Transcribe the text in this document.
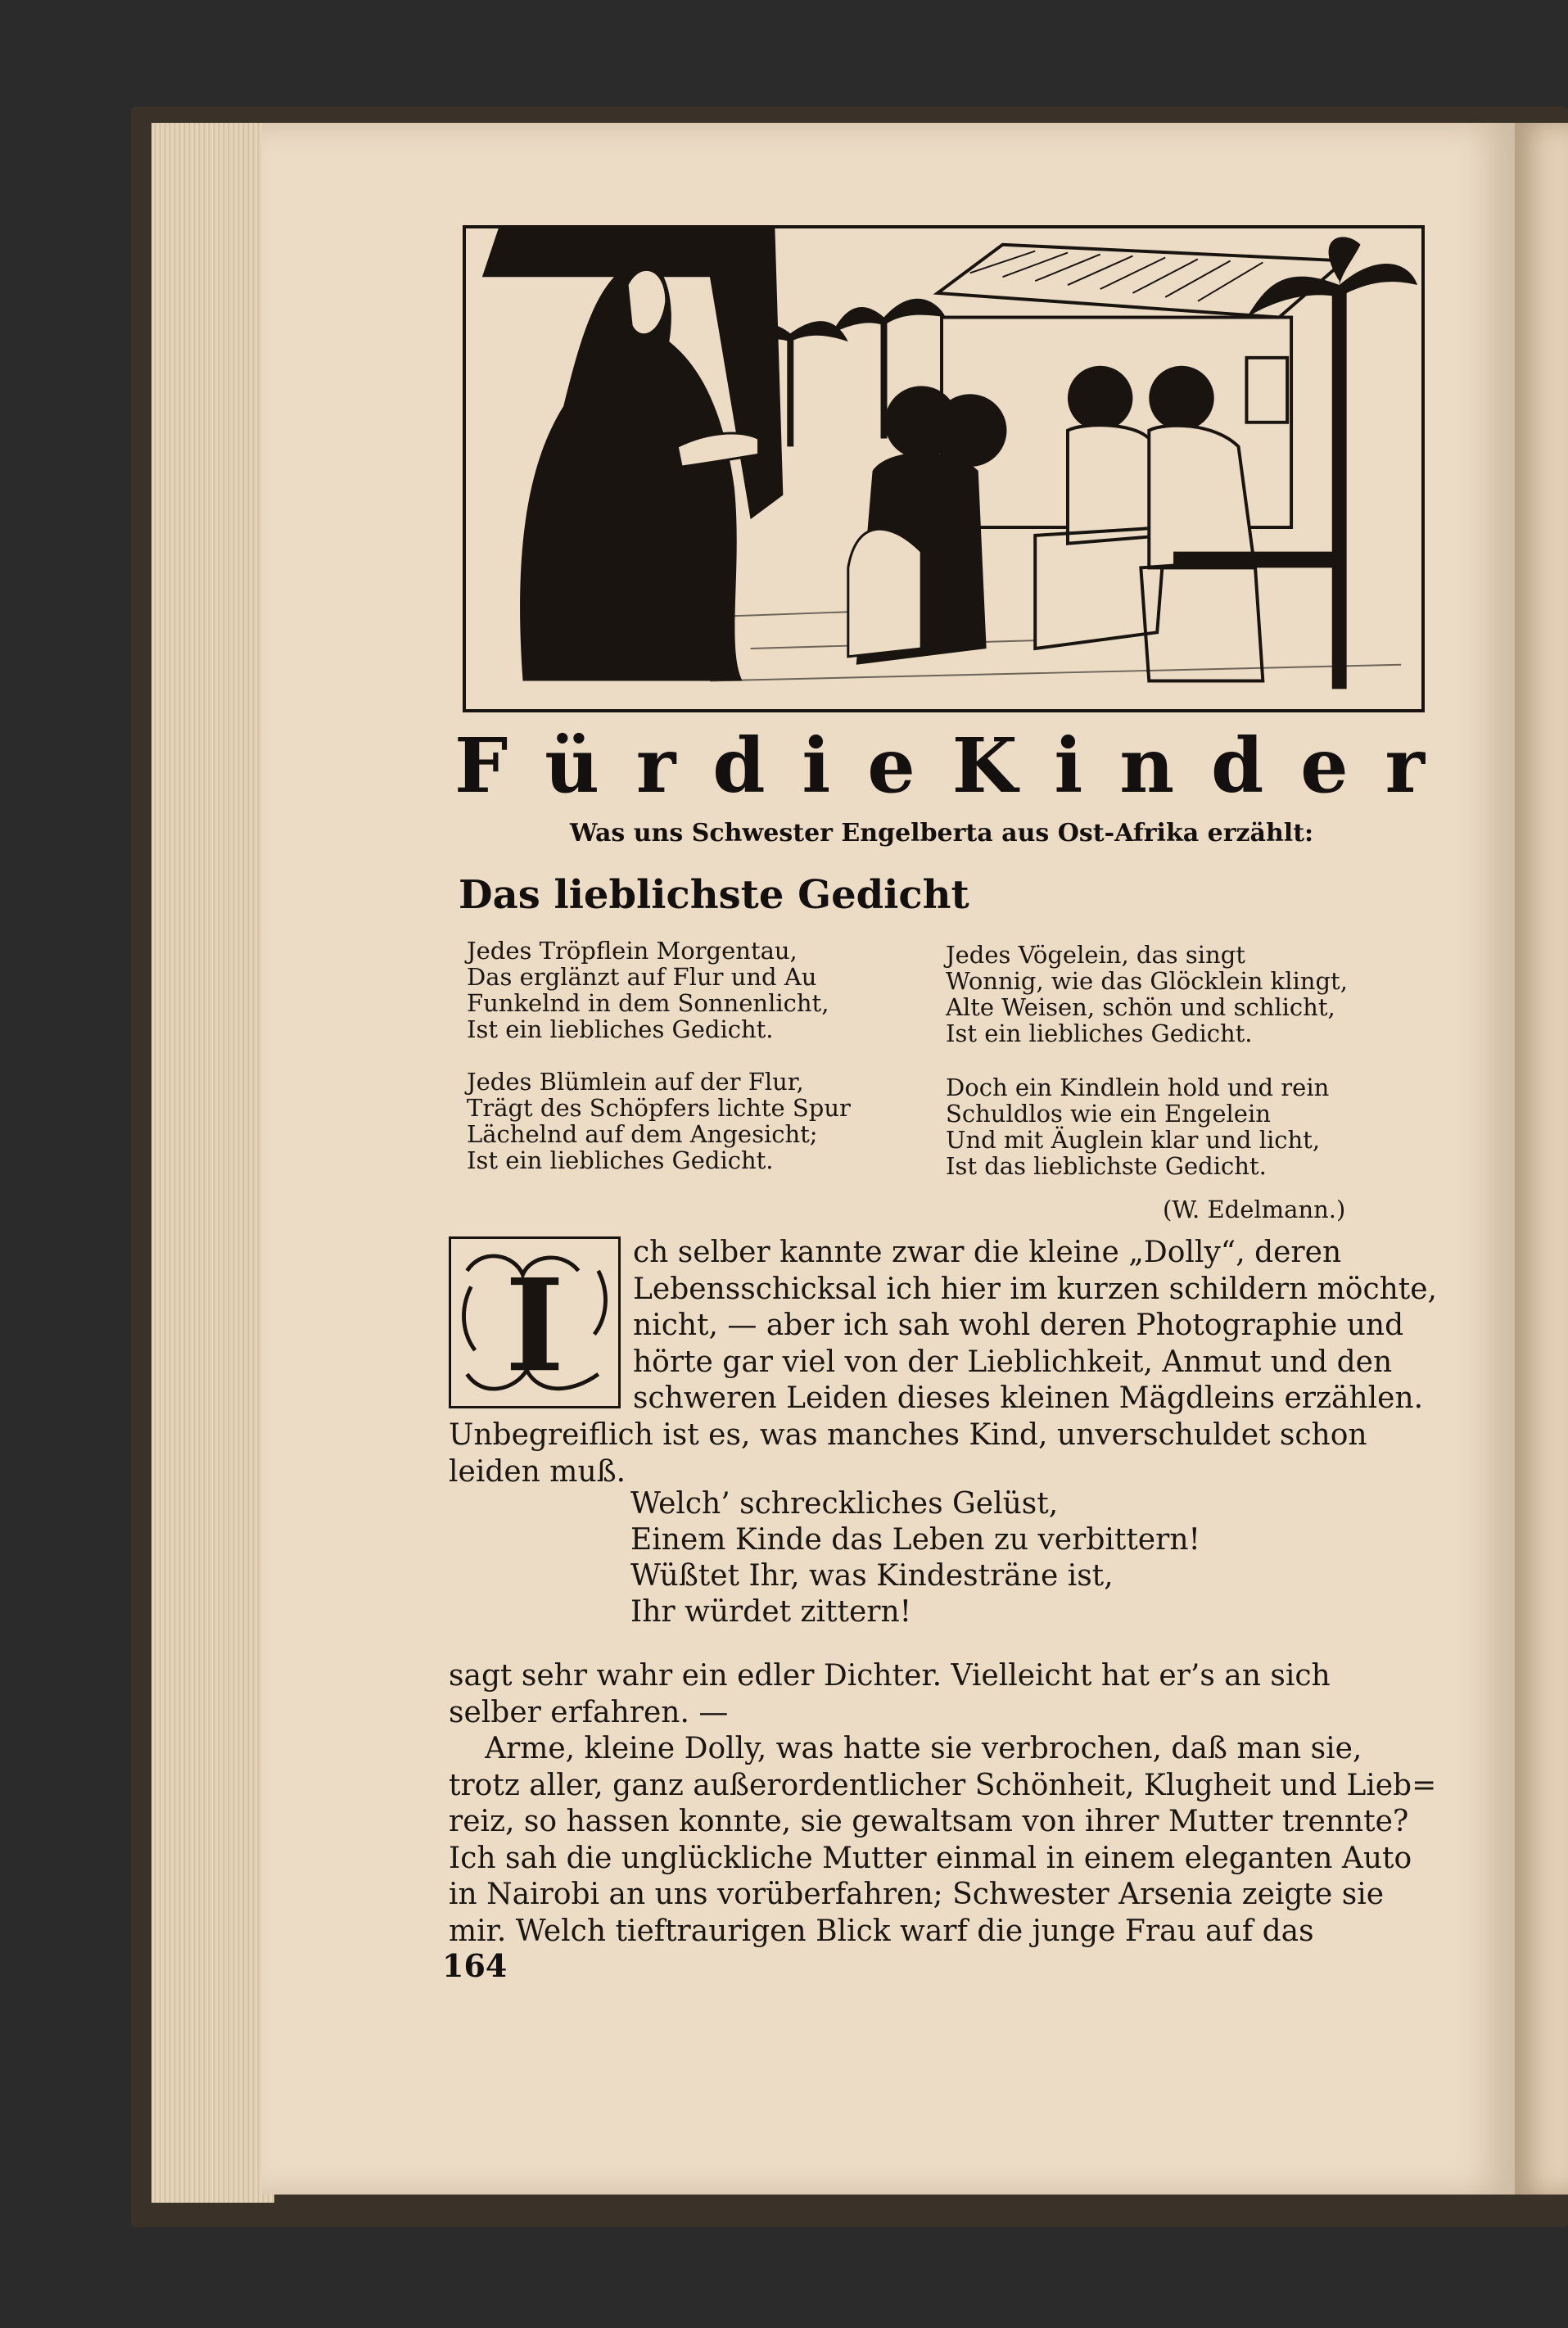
F ü r d i e K i n d e r
Was uns Schwester Engelberta aus Ost-Afrika erzählt:
Das lieblichste Gedicht
Jedes Tröpflein Morgentau,
Das erglänzt auf Flur und Au
Funkelnd in dem Sonnenlicht,
Ist ein liebliches Gedicht.
Jedes Blümlein auf der Flur,
Trägt des Schöpfers lichte Spur
Lächelnd auf dem Angesicht;
Ist ein liebliches Gedicht.
Jedes Vögelein, das singt
Wonnig, wie das Glöcklein klingt,
Alte Weisen, schön und schlicht,
Ist ein liebliches Gedicht.
Doch ein Kindlein hold und rein
Schuldlos wie ein Engelein
Und mit Äuglein klar und licht,
Ist das lieblichste Gedicht.
(W. Edelmann.)
I ch selber kannte zwar die kleine „Dolly“, deren
Lebensschicksal ich hier im kurzen schildern möchte,
nicht, — aber ich sah wohl deren Photographie und
hörte gar viel von der Lieblichkeit, Anmut und den
schweren Leiden dieses kleinen Mägdleins erzählen.
Unbegreiflich ist es, was manches Kind, unverschuldet schon
leiden muß.
Welch’ schreckliches Gelüst,
Einem Kinde das Leben zu verbittern!
Wüßtet Ihr, was Kindesträne ist,
Ihr würdet zittern!
sagt sehr wahr ein edler Dichter. Vielleicht hat er’s an sich
selber erfahren. —
Arme, kleine Dolly, was hatte sie verbrochen, daß man sie,
trotz aller, ganz außerordentlicher Schönheit, Klugheit und Lieb=
reiz, so hassen konnte, sie gewaltsam von ihrer Mutter trennte?
Ich sah die unglückliche Mutter einmal in einem eleganten Auto
in Nairobi an uns vorüberfahren; Schwester Arsenia zeigte sie
mir. Welch tieftraurigen Blick warf die junge Frau auf das
164
